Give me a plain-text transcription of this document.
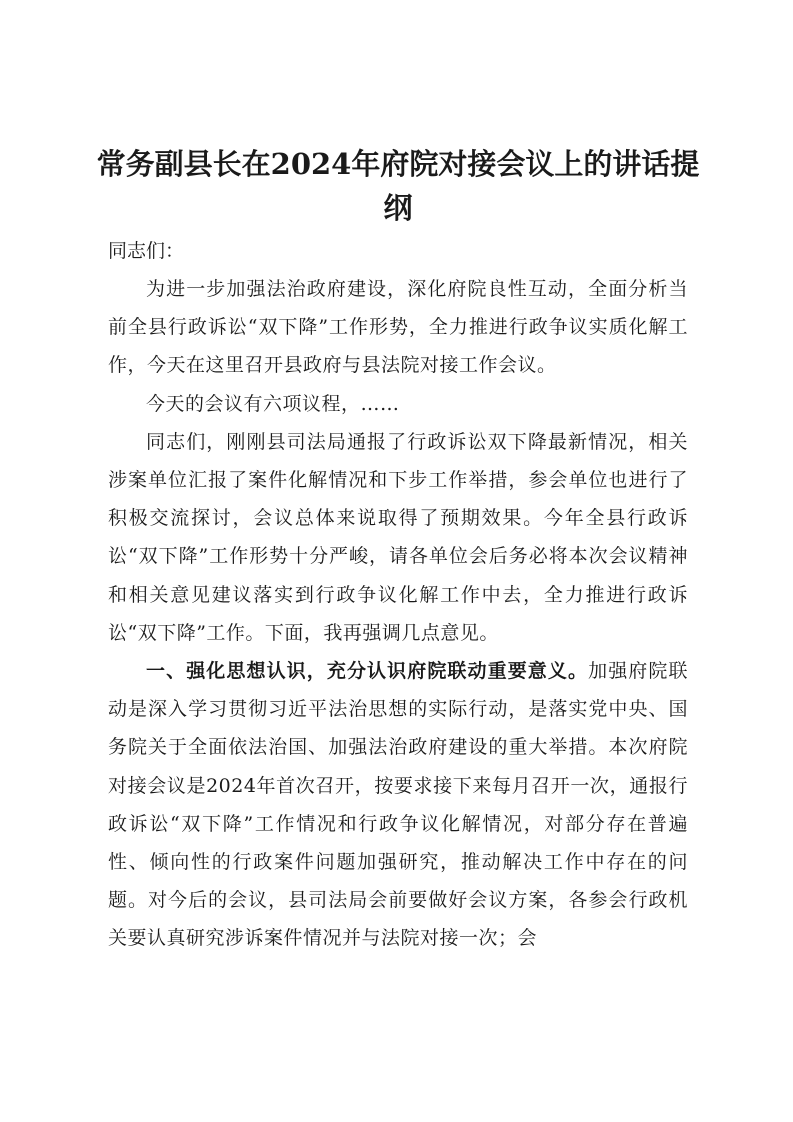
常务副县长在2024年府院对接会议上的讲话提纲
同志们：

为进一步加强法治政府建设，深化府院良性互动，全面分析当前全县行政诉讼“双下降”工作形势，全力推进行政争议实质化解工作，今天在这里召开县政府与县法院对接工作会议。

今天的会议有六项议程，……

同志们，刚刚县司法局通报了行政诉讼双下降最新情况，相关涉案单位汇报了案件化解情况和下步工作举措，参会单位也进行了积极交流探讨，会议总体来说取得了预期效果。今年全县行政诉讼“双下降”工作形势十分严峻，请各单位会后务必将本次会议精神和相关意见建议落实到行政争议化解工作中去，全力推进行政诉讼“双下降”工作。下面，我再强调几点意见。

一、强化思想认识，充分认识府院联动重要意义。加强府院联动是深入学习贯彻习近平法治思想的实际行动，是落实党中央、国务院关于全面依法治国、加强法治政府建设的重大举措。本次府院对接会议是2024年首次召开，按要求接下来每月召开一次，通报行政诉讼“双下降”工作情况和行政争议化解情况，对部分存在普遍性、倾向性的行政案件问题加强研究，推动解决工作中存在的问题。对今后的会议，县司法局会前要做好会议方案，各参会行政机关要认真研究涉诉案件情况并与法院对接一次；会
